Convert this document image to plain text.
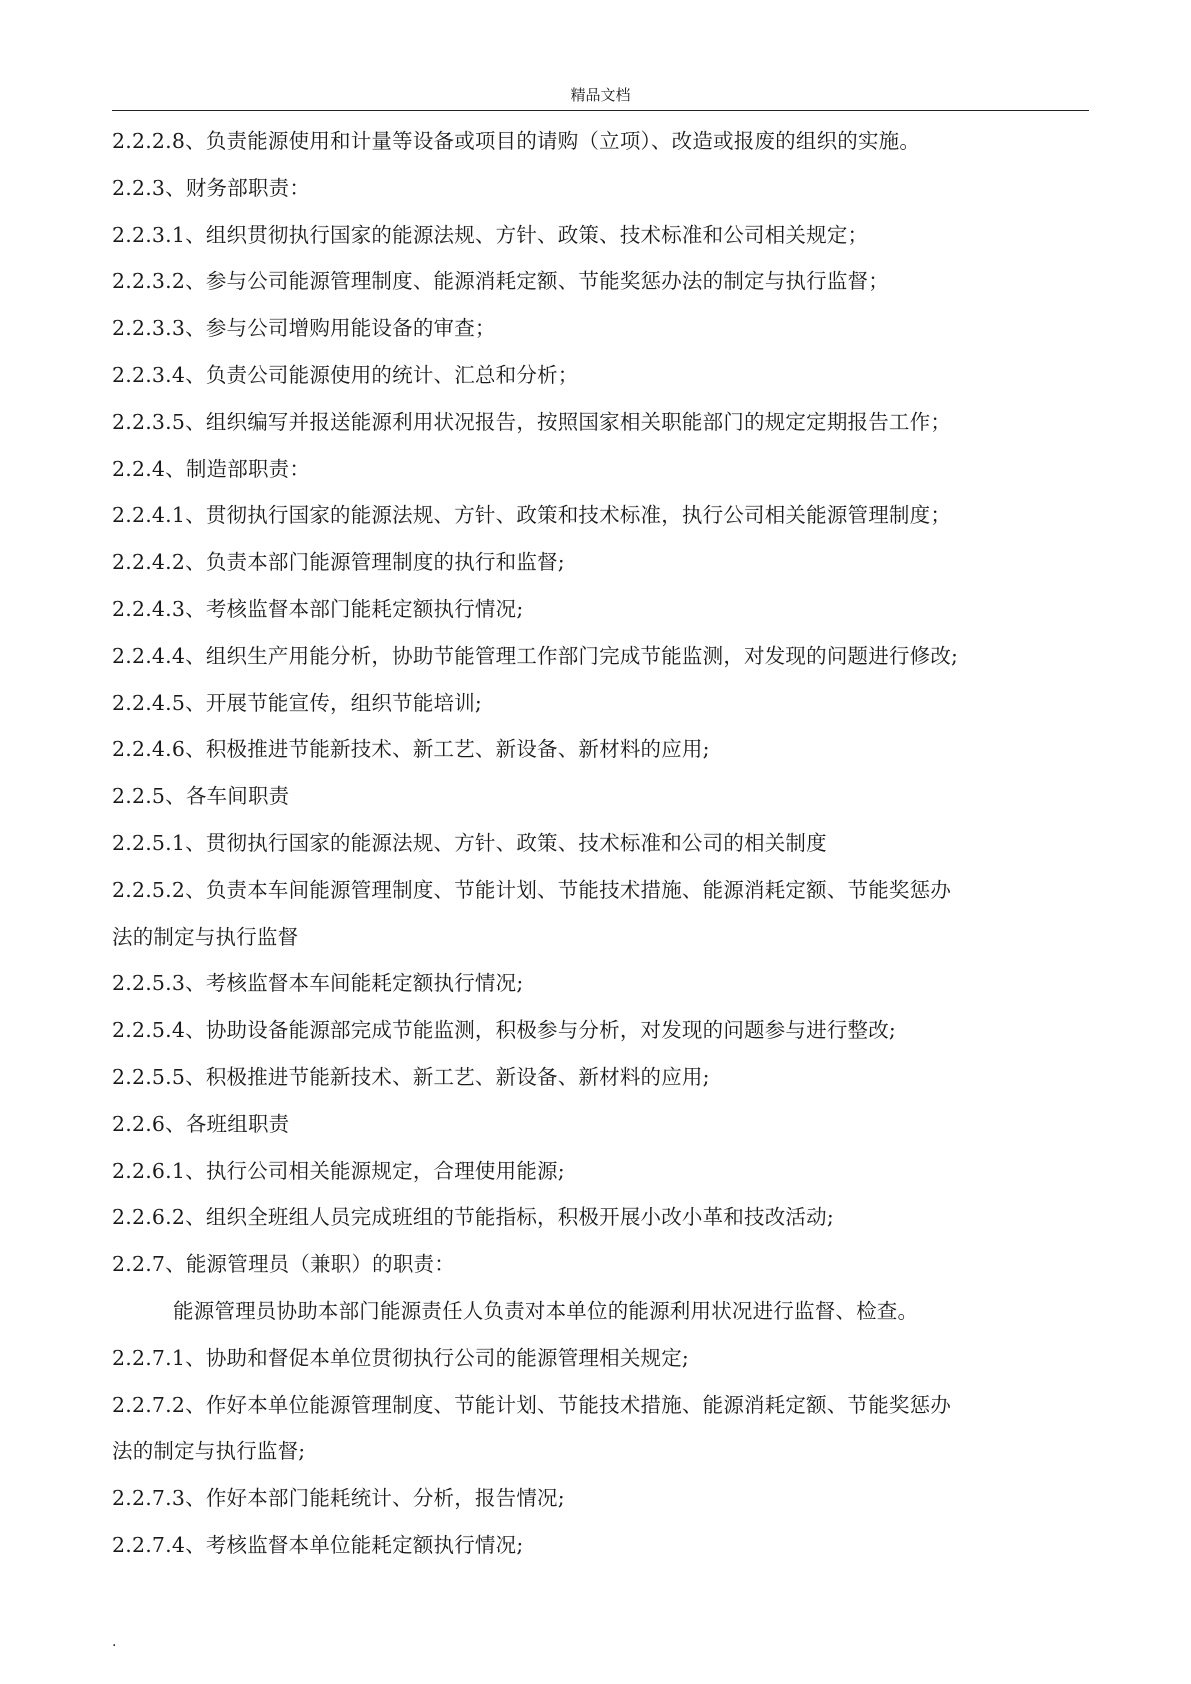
精品文档
2.2.2.8、负责能源使用和计量等设备或项目的请购（立项）、改造或报废的组织的实施。
2.2.3、财务部职责：
2.2.3.1、组织贯彻执行国家的能源法规、方针、政策、技术标准和公司相关规定；
2.2.3.2、参与公司能源管理制度、能源消耗定额、节能奖惩办法的制定与执行监督；
2.2.3.3、参与公司增购用能设备的审查；
2.2.3.4、负责公司能源使用的统计、汇总和分析；
2.2.3.5、组织编写并报送能源利用状况报告，按照国家相关职能部门的规定定期报告工作；
2.2.4、制造部职责：
2.2.4.1、贯彻执行国家的能源法规、方针、政策和技术标准，执行公司相关能源管理制度；
2.2.4.2、负责本部门能源管理制度的执行和监督;
2.2.4.3、考核监督本部门能耗定额执行情况;
2.2.4.4、组织生产用能分析，协助节能管理工作部门完成节能监测，对发现的问题进行修改;
2.2.4.5、开展节能宣传，组织节能培训;
2.2.4.6、积极推进节能新技术、新工艺、新设备、新材料的应用;
2.2.5、各车间职责
2.2.5.1、贯彻执行国家的能源法规、方针、政策、技术标准和公司的相关制度
2.2.5.2、负责本车间能源管理制度、节能计划、节能技术措施、能源消耗定额、节能奖惩办
法的制定与执行监督
2.2.5.3、考核监督本车间能耗定额执行情况;
2.2.5.4、协助设备能源部完成节能监测，积极参与分析，对发现的问题参与进行整改;
2.2.5.5、积极推进节能新技术、新工艺、新设备、新材料的应用;
2.2.6、各班组职责
2.2.6.1、执行公司相关能源规定，合理使用能源;
2.2.6.2、组织全班组人员完成班组的节能指标，积极开展小改小革和技改活动;
2.2.7、能源管理员（兼职）的职责：
能源管理员协助本部门能源责任人负责对本单位的能源利用状况进行监督、检查。
2.2.7.1、协助和督促本单位贯彻执行公司的能源管理相关规定;
2.2.7.2、作好本单位能源管理制度、节能计划、节能技术措施、能源消耗定额、节能奖惩办
法的制定与执行监督;
2.2.7.3、作好本部门能耗统计、分析，报告情况;
2.2.7.4、考核监督本单位能耗定额执行情况;
.
